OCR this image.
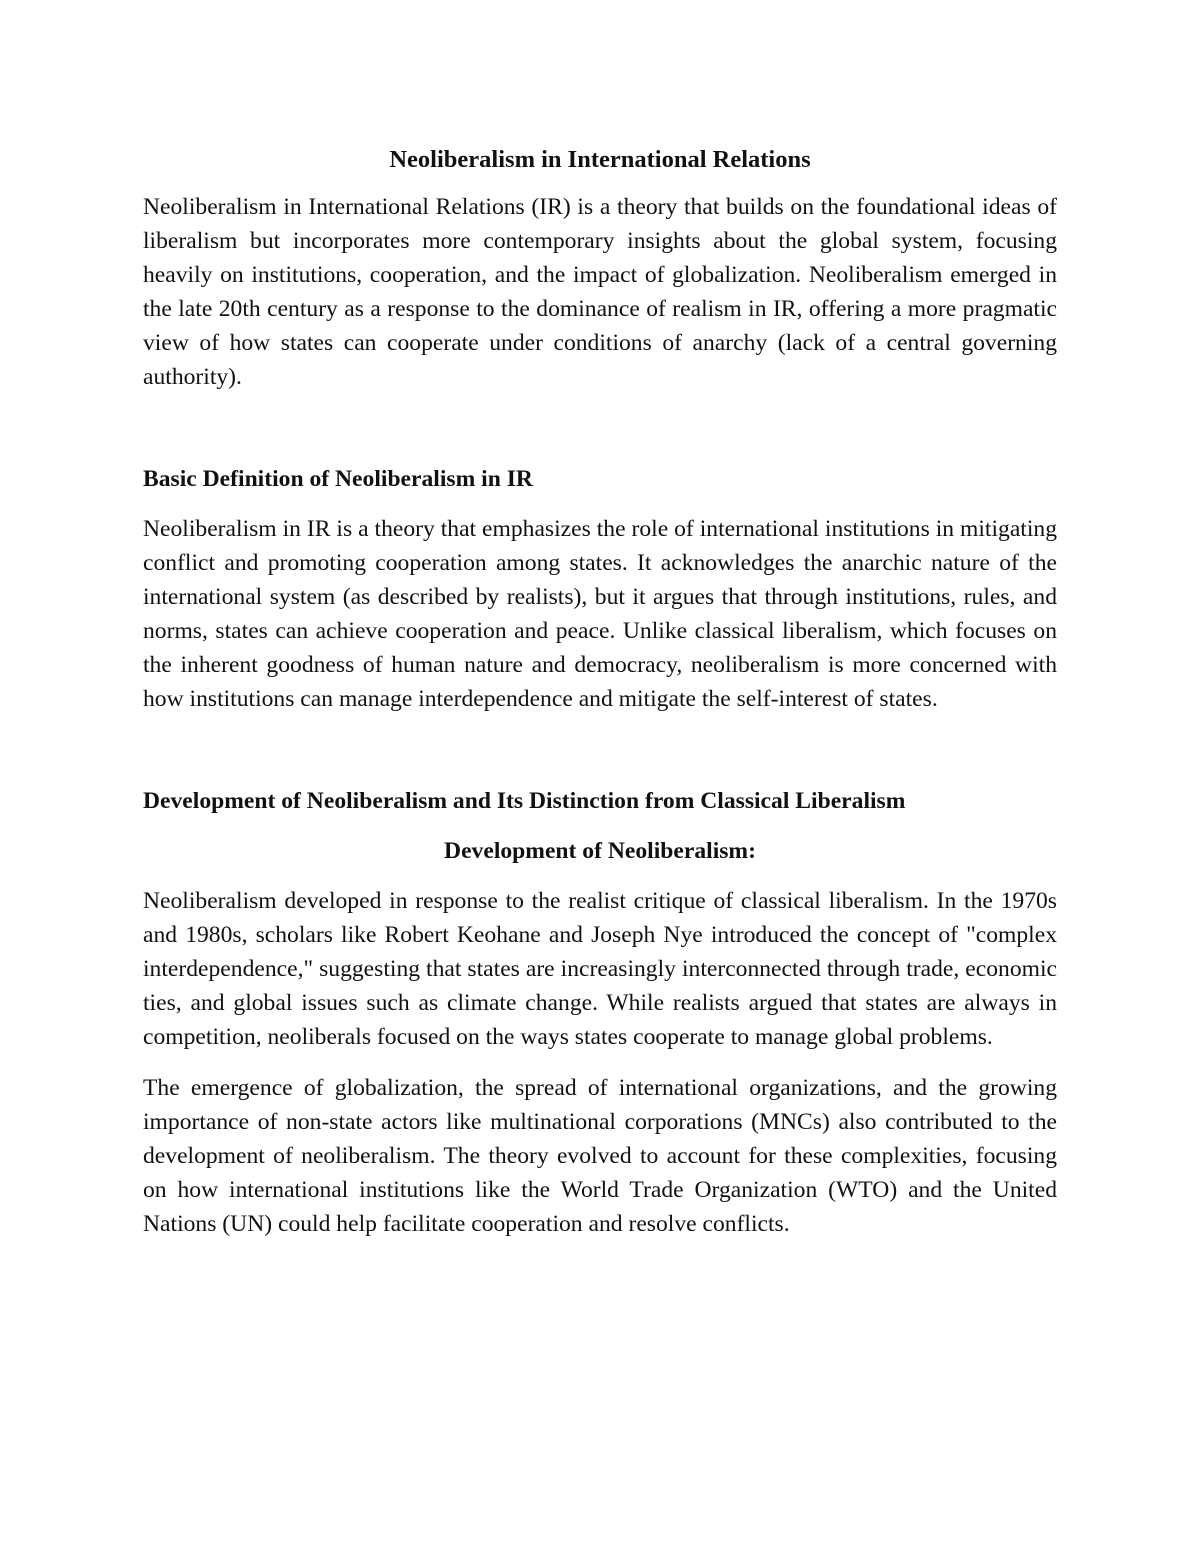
Neoliberalism in International Relations

Neoliberalism in International Relations (IR) is a theory that builds on the foundational ideas of liberalism but incorporates more contemporary insights about the global system, focusing heavily on institutions, cooperation, and the impact of globalization. Neoliberalism emerged in the late 20th century as a response to the dominance of realism in IR, offering a more pragmatic view of how states can cooperate under conditions of anarchy (lack of a central governing authority).

Basic Definition of Neoliberalism in IR

Neoliberalism in IR is a theory that emphasizes the role of international institutions in mitigating conflict and promoting cooperation among states. It acknowledges the anarchic nature of the international system (as described by realists), but it argues that through institutions, rules, and norms, states can achieve cooperation and peace. Unlike classical liberalism, which focuses on the inherent goodness of human nature and democracy, neoliberalism is more concerned with how institutions can manage interdependence and mitigate the self-interest of states.

Development of Neoliberalism and Its Distinction from Classical Liberalism
Development of Neoliberalism:

Neoliberalism developed in response to the realist critique of classical liberalism. In the 1970s and 1980s, scholars like Robert Keohane and Joseph Nye introduced the concept of "complex interdependence," suggesting that states are increasingly interconnected through trade, economic ties, and global issues such as climate change. While realists argued that states are always in competition, neoliberals focused on the ways states cooperate to manage global problems.

The emergence of globalization, the spread of international organizations, and the growing importance of non-state actors like multinational corporations (MNCs) also contributed to the development of neoliberalism. The theory evolved to account for these complexities, focusing on how international institutions like the World Trade Organization (WTO) and the United Nations (UN) could help facilitate cooperation and resolve conflicts.
